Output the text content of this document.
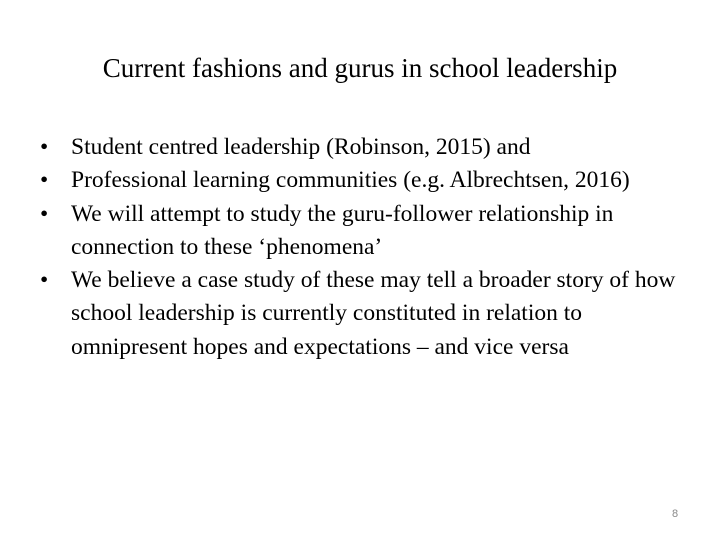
Current fashions and gurus in school leadership
• Student centred leadership (Robinson, 2015) and
• Professional learning communities (e.g. Albrechtsen, 2016)
• We will attempt to study the guru-follower relationship in connection to these ‘phenomena’
• We believe a case study of these may tell a broader story of how school leadership is currently constituted in relation to omnipresent hopes and expectations – and vice versa
8
